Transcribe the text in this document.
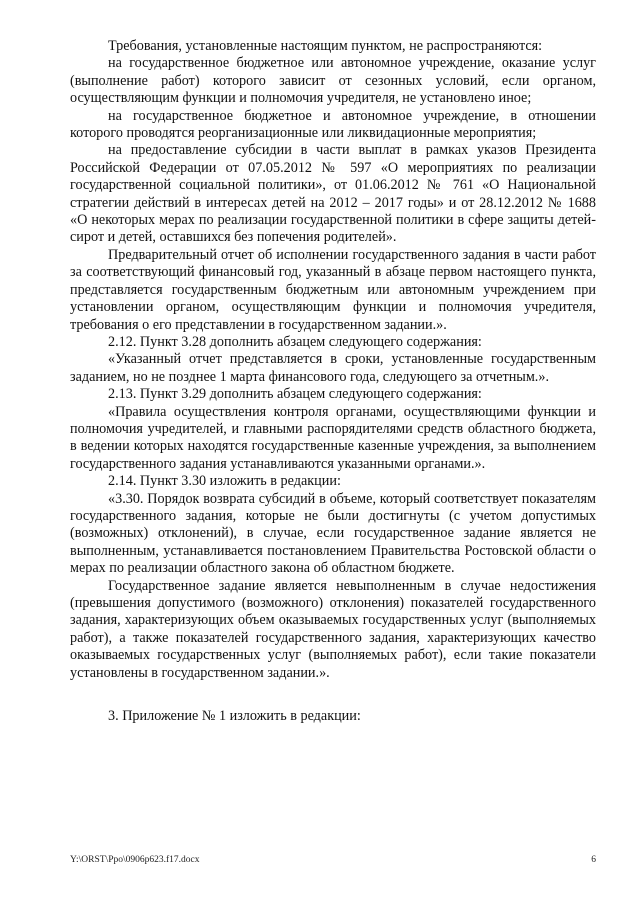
Требования, установленные настоящим пунктом, не распространяются:

на государственное бюджетное или автономное учреждение, оказание услуг (выполнение работ) которого зависит от сезонных условий, если органом, осуществляющим функции и полномочия учредителя, не установлено иное;

на государственное бюджетное и автономное учреждение, в отношении которого проводятся реорганизационные или ликвидационные мероприятия;

на предоставление субсидии в части выплат в рамках указов Президента Российской Федерации от 07.05.2012 № 597 «О мероприятиях по реализации государственной социальной политики», от 01.06.2012 № 761 «О Национальной стратегии действий в интересах детей на 2012 – 2017 годы» и от 28.12.2012 № 1688 «О некоторых мерах по реализации государственной политики в сфере защиты детей-сирот и детей, оставшихся без попечения родителей».

Предварительный отчет об исполнении государственного задания в части работ за соответствующий финансовый год, указанный в абзаце первом настоящего пункта, представляется государственным бюджетным или автономным учреждением при установлении органом, осуществляющим функции и полномочия учредителя, требования о его представлении в государственном задании.».

2.12. Пункт 3.28 дополнить абзацем следующего содержания:

«Указанный отчет представляется в сроки, установленные государственным заданием, но не позднее 1 марта финансового года, следующего за отчетным.».

2.13. Пункт 3.29 дополнить абзацем следующего содержания:

«Правила осуществления контроля органами, осуществляющими функции и полномочия учредителей, и главными распорядителями средств областного бюджета, в ведении которых находятся государственные казенные учреждения, за выполнением государственного задания устанавливаются указанными органами.».

2.14. Пункт 3.30 изложить в редакции:

«3.30. Порядок возврата субсидий в объеме, который соответствует показателям государственного задания, которые не были достигнуты (с учетом допустимых (возможных) отклонений), в случае, если государственное задание является не выполненным, устанавливается постановлением Правительства Ростовской области о мерах по реализации областного закона об областном бюджете.

Государственное задание является невыполненным в случае недостижения (превышения допустимого (возможного) отклонения) показателей государственного задания, характеризующих объем оказываемых государственных услуг (выполняемых работ), а также показателей государственного задания, характеризующих качество оказываемых государственных услуг (выполняемых работ), если такие показатели установлены в государственном задании.».

3. Приложение № 1 изложить в редакции:

Y:\ORST\Ppo\0906p623.f17.docx	6
